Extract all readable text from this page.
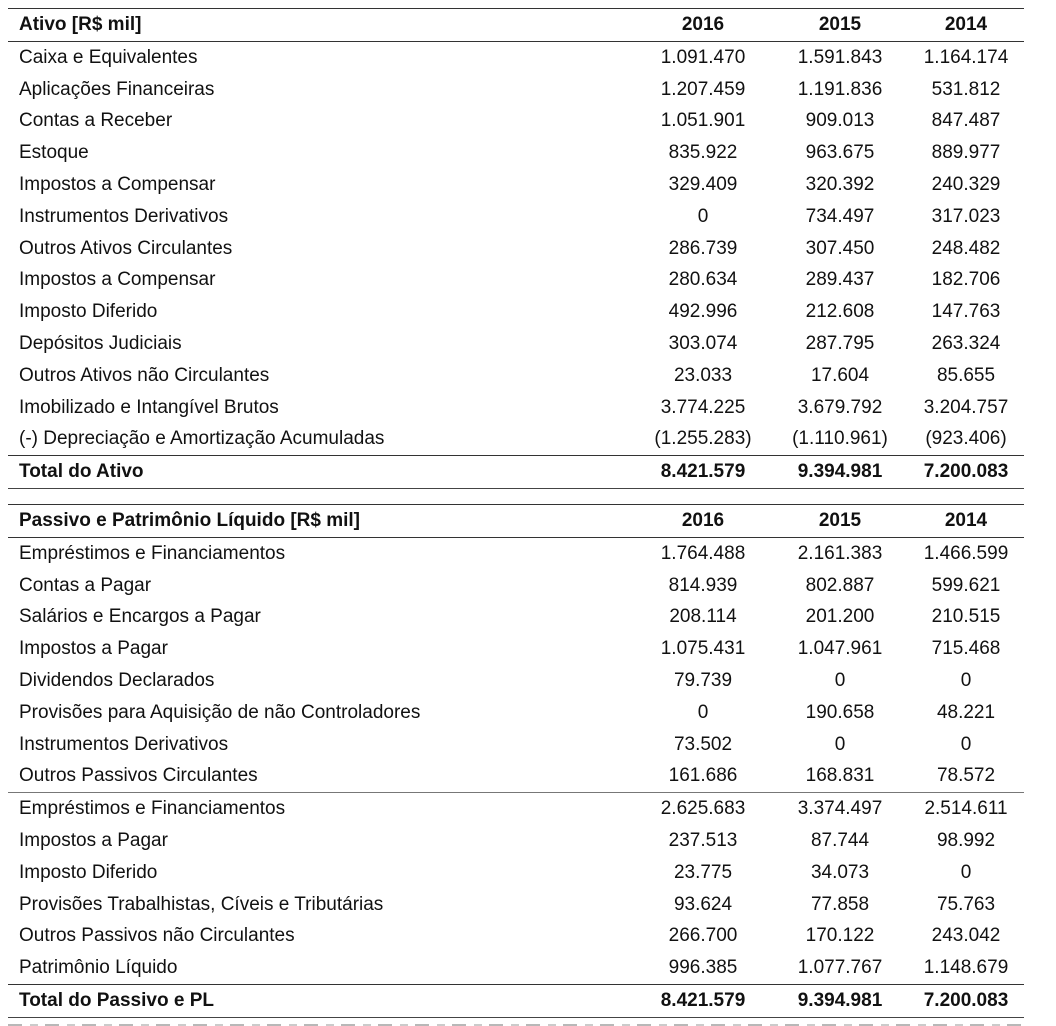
Ativo [R$ mil]	2016	2015	2014
Caixa e Equivalentes	1.091.470	1.591.843	1.164.174
Aplicações Financeiras	1.207.459	1.191.836	531.812
Contas a Receber	1.051.901	909.013	847.487
Estoque	835.922	963.675	889.977
Impostos a Compensar	329.409	320.392	240.329
Instrumentos Derivativos	0	734.497	317.023
Outros Ativos Circulantes	286.739	307.450	248.482
Impostos a Compensar	280.634	289.437	182.706
Imposto Diferido	492.996	212.608	147.763
Depósitos Judiciais	303.074	287.795	263.324
Outros Ativos não Circulantes	23.033	17.604	85.655
Imobilizado e Intangível Brutos	3.774.225	3.679.792	3.204.757
(-) Depreciação e Amortização Acumuladas	(1.255.283)	(1.110.961)	(923.406)
Total do Ativo	8.421.579	9.394.981	7.200.083
Passivo e Patrimônio Líquido [R$ mil]	2016	2015	2014
Empréstimos e Financiamentos	1.764.488	2.161.383	1.466.599
Contas a Pagar	814.939	802.887	599.621
Salários e Encargos a Pagar	208.114	201.200	210.515
Impostos a Pagar	1.075.431	1.047.961	715.468
Dividendos Declarados	79.739	0	0
Provisões para Aquisição de não Controladores	0	190.658	48.221
Instrumentos Derivativos	73.502	0	0
Outros Passivos Circulantes	161.686	168.831	78.572
Empréstimos e Financiamentos	2.625.683	3.374.497	2.514.611
Impostos a Pagar	237.513	87.744	98.992
Imposto Diferido	23.775	34.073	0
Provisões Trabalhistas, Cíveis e Tributárias	93.624	77.858	75.763
Outros Passivos não Circulantes	266.700	170.122	243.042
Patrimônio Líquido	996.385	1.077.767	1.148.679
Total do Passivo e PL	8.421.579	9.394.981	7.200.083
